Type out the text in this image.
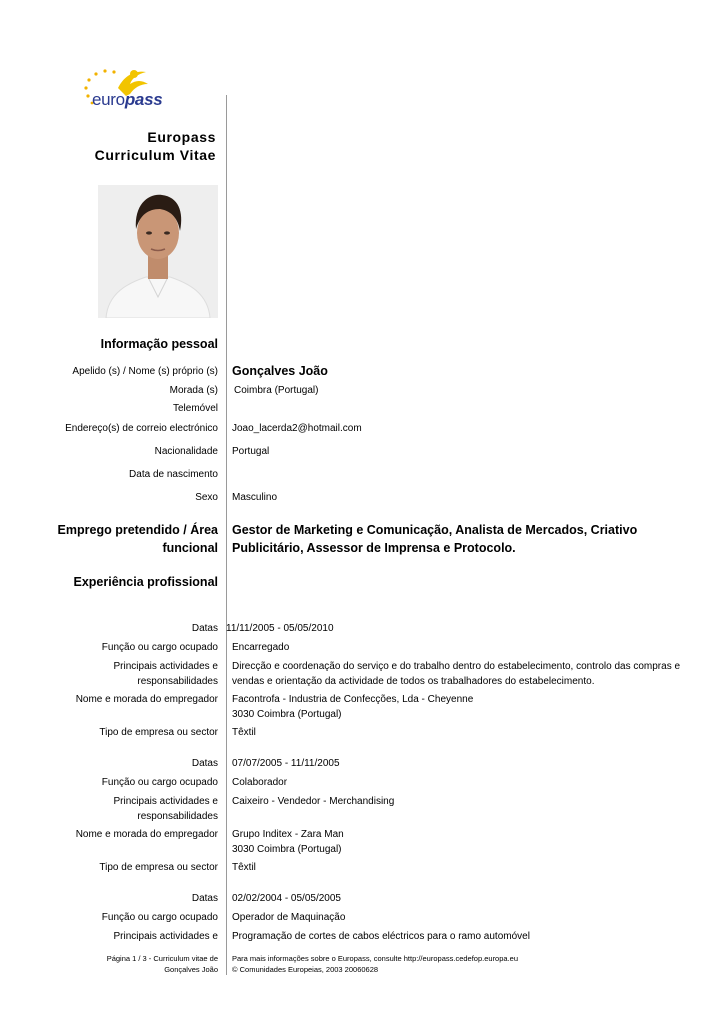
europass
Europass
Curriculum Vitae
Informação pessoal
Apelido (s) / Nome (s) próprio (s) Gonçalves João
Morada (s) Coimbra (Portugal)
Telemóvel
Endereço(s) de correio electrónico Joao_lacerda2@hotmail.com
Nacionalidade Portugal
Data de nascimento
Sexo Masculino
Emprego pretendido / Área
funcional
Gestor de Marketing e Comunicação, Analista de Mercados, Criativo
Publicitário, Assessor de Imprensa e Protocolo.
Experiência profissional
Datas 11/11/2005 - 05/05/2010
Função ou cargo ocupado Encarregado
Principais actividades e
responsabilidades
Direcção e coordenação do serviço e do trabalho dentro do estabelecimento, controlo das compras e
vendas e orientação da actividade de todos os trabalhadores do estabelecimento.
Nome e morada do empregador Facontrofa - Industria de Confecções, Lda - Cheyenne
3030 Coimbra (Portugal)
Tipo de empresa ou sector Têxtil
Datas 07/07/2005 - 11/11/2005
Função ou cargo ocupado Colaborador
Principais actividades e
responsabilidades
Caixeiro - Vendedor - Merchandising
Nome e morada do empregador Grupo Inditex - Zara Man
3030 Coimbra (Portugal)
Tipo de empresa ou sector Têxtil
Datas 02/02/2004 - 05/05/2005
Função ou cargo ocupado Operador de Maquinação
Principais actividades e Programação de cortes de cabos eléctricos para o ramo automóvel
Página 1 / 3 - Curriculum vitae de
Gonçalves João
Para mais informações sobre o Europass, consulte http://europass.cedefop.europa.eu
© Comunidades Europeias, 2003 20060628
